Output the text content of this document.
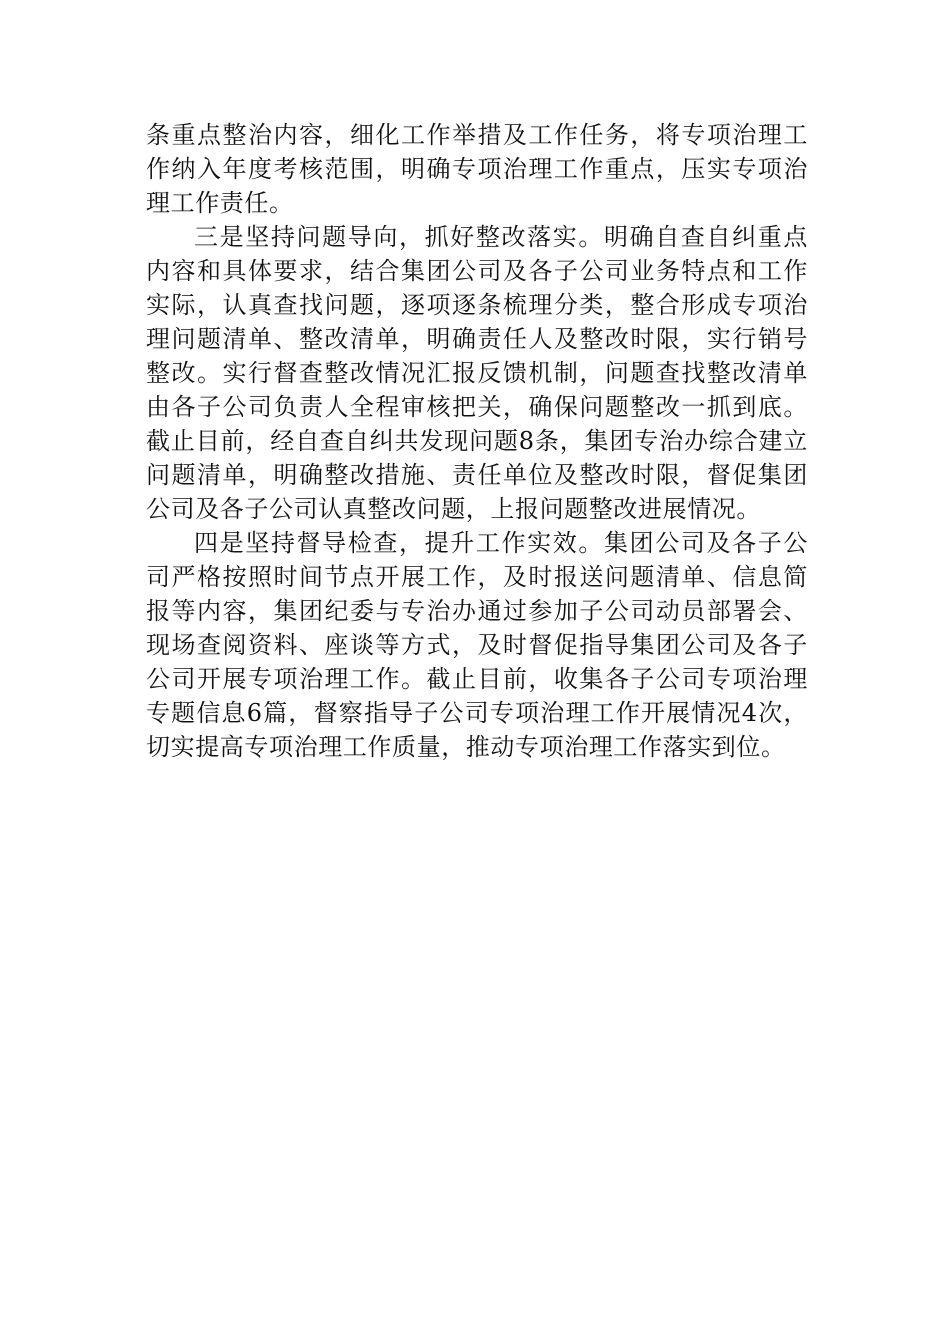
条重点整治内容，细化工作举措及工作任务，将专项治理工作纳入年度考核范围，明确专项治理工作重点，压实专项治理工作责任。

三是坚持问题导向，抓好整改落实。明确自查自纠重点内容和具体要求，结合集团公司及各子公司业务特点和工作实际，认真查找问题，逐项逐条梳理分类，整合形成专项治理问题清单、整改清单，明确责任人及整改时限，实行销号整改。实行督查整改情况汇报反馈机制，问题查找整改清单由各子公司负责人全程审核把关，确保问题整改一抓到底。截止目前，经自查自纠共发现问题8条，集团专治办综合建立问题清单，明确整改措施、责任单位及整改时限，督促集团公司及各子公司认真整改问题，上报问题整改进展情况。

四是坚持督导检查，提升工作实效。集团公司及各子公司严格按照时间节点开展工作，及时报送问题清单、信息简报等内容，集团纪委与专治办通过参加子公司动员部署会、现场查阅资料、座谈等方式，及时督促指导集团公司及各子公司开展专项治理工作。截止目前，收集各子公司专项治理专题信息6篇，督察指导子公司专项治理工作开展情况4次，切实提高专项治理工作质量，推动专项治理工作落实到位。
